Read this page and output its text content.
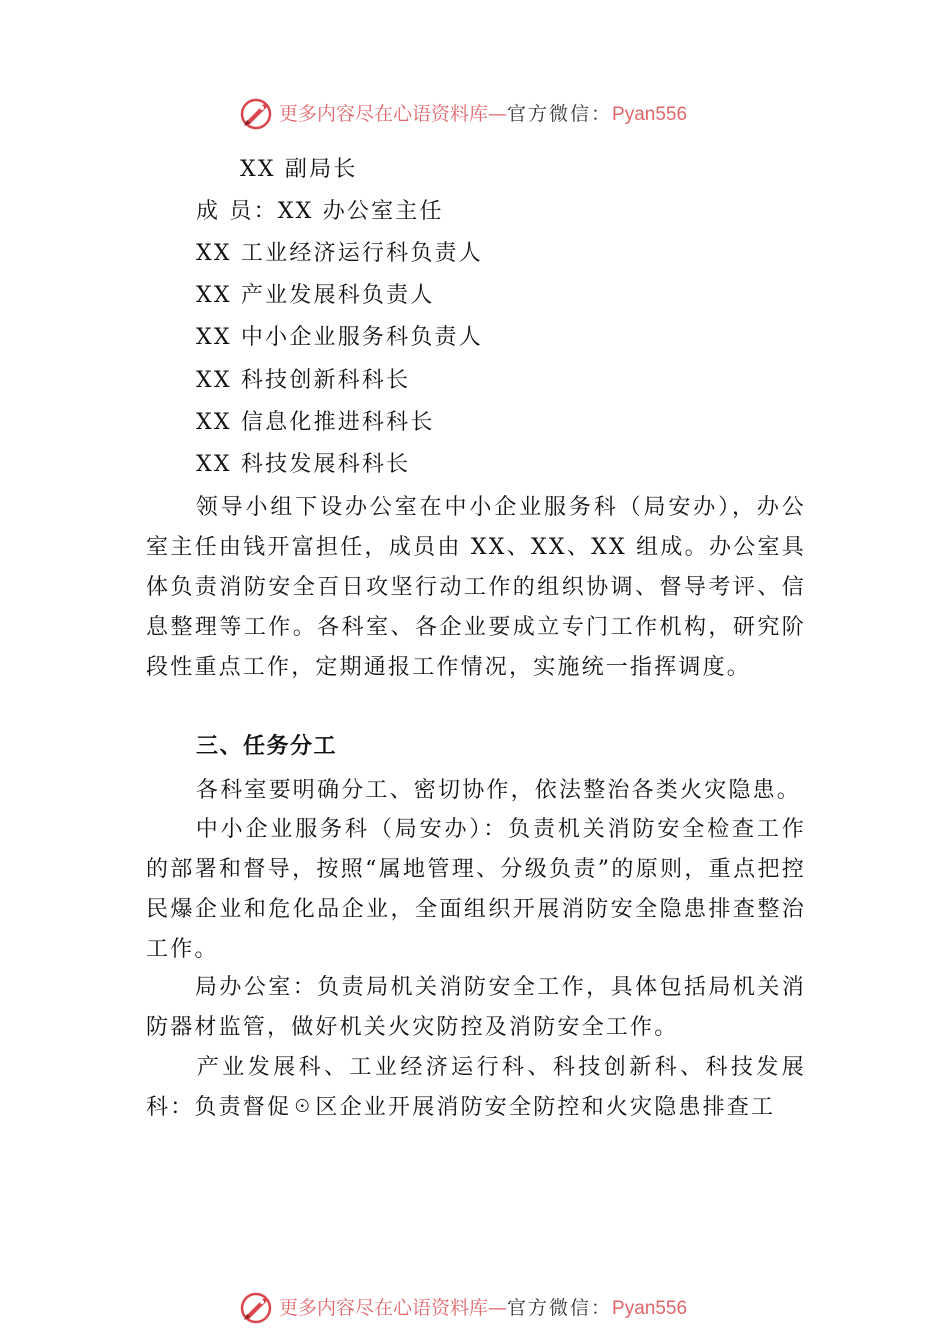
更多内容尽在心语资料库—官方微信：Pyan556
XX 副局长
成 员：XX 办公室主任
XX 工业经济运行科负责人
XX 产业发展科负责人
XX 中小企业服务科负责人
XX 科技创新科科长
XX 信息化推进科科长
XX 科技发展科科长
　　领导小组下设办公室在中小企业服务科（局安办），办公室主任由钱开富担任，成员由 XX、XX、XX 组成。办公室具体负责消防安全百日攻坚行动工作的组织协调、督导考评、信息整理等工作。各科室、各企业要成立专门工作机构，研究阶段性重点工作，定期通报工作情况，实施统一指挥调度。
三、任务分工
各科室要明确分工、密切协作，依法整治各类火灾隐患。
　　中小企业服务科（局安办）：负责机关消防安全检查工作的部署和督导，按照“属地管理、分级负责”的原则，重点把控民爆企业和危化品企业，全面组织开展消防安全隐患排查整治工作。
　　局办公室：负责局机关消防安全工作，具体包括局机关消防器材监管，做好机关火灾防控及消防安全工作。
　　产业发展科、工业经济运行科、科技创新科、科技发展科：负责督促☉区企业开展消防安全防控和火灾隐患排查工
更多内容尽在心语资料库—官方微信：Pyan556
